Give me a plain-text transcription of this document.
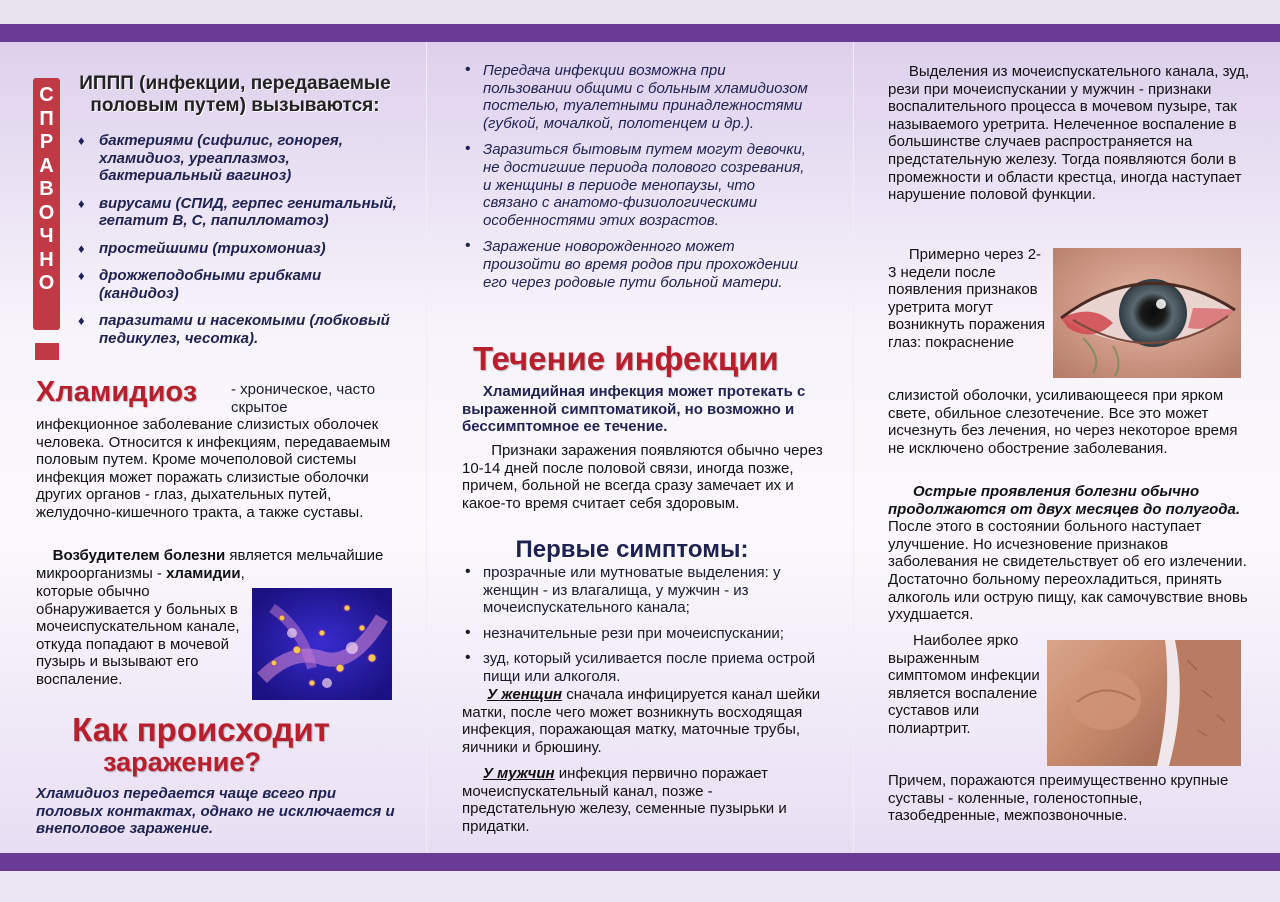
С
П
Р
А
В
О
Ч
Н
О
ИППП (инфекции, передаваемые половым путем) вызываются:
♦ бактериями (сифилис, гонорея, хламидиоз, уреаплазмоз, бактериальный вагиноз)
♦ вирусами (СПИД, герпес генитальный, гепатит В, С, папилломатоз)
♦ простейшими (трихомониаз)
♦ дрожжеподобными грибками (кандидоз)
♦ паразитами и насекомыми (лобковый педикулез, чесотка).
Хламидиоз - хроническое, часто скрытое
инфекционное заболевание слизистых оболочек человека. Относится к инфекциям, передаваемым половым путем. Кроме мочеполовой системы инфекция может поражать слизистые оболочки других органов - глаз, дыхательных путей, желудочно-кишечного тракта, а также суставы.
Возбудителем болезни является мельчайшие микроорганизмы - хламидии,
которые обычно обнаруживается у больных в мочеиспускательном канале, откуда попадают в мочевой пузырь и вызывают его воспаление.
Как происходит
заражение?
Хламидиоз передается чаще всего при половых контактах, однако не исключается и внеполовое заражение.
• Передача инфекции возможна при пользовании общими с больным хламидиозом постелью, туалетными принадлежностями (губкой, мочалкой, полотенцем и др.).
• Заразиться бытовым путем могут девочки, не достигшие периода полового созревания, и женщины в периоде менопаузы, что связано с анатомо-физиологическими особенностями этих возрастов.
• Заражение новорожденного может произойти во время родов при прохождении его через родовые пути больной матери.
Течение инфекции
Хламидийная инфекция может протекать с выраженной симптоматикой, но возможно и бессимптомное ее течение.
Признаки заражения появляются обычно через 10-14 дней после половой связи, иногда позже, причем, больной не всегда сразу замечает их и какое-то время считает себя здоровым.
Первые симптомы:
• прозрачные или мутноватые выделения: у женщин - из влагалища, у мужчин - из мочеиспускательного канала;
• незначительные рези при мочеиспускании;
• зуд, который усиливается после приема острой пищи или алкоголя.
У женщин сначала инфицируется канал шейки матки, после чего может возникнуть восходящая инфекция, поражающая матку, маточные трубы, яичники и брюшину.
У мужчин инфекция первично поражает мочеиспускательный канал, позже - предстательную железу, семенные пузырьки и придатки.
Выделения из мочеиспускательного канала, зуд, рези при мочеиспускании у мужчин - признаки воспалительного процесса в мочевом пузыре, так называемого уретрита. Нелеченное воспаление в большинстве случаев распространяется на предстательную железу. Тогда появляются боли в промежности и области крестца, иногда наступает нарушение половой функции.
Примерно через 2-3 недели после появления признаков уретрита могут возникнуть поражения глаз: покраснение
слизистой оболочки, усиливающееся при ярком свете, обильное слезотечение. Все это может исчезнуть без лечения, но через некоторое время не исключено обострение заболевания.
Острые проявления болезни обычно продолжаются от двух месяцев до полугода. После этого в состоянии больного наступает улучшение. Но исчезновение признаков заболевания не свидетельствует об его излечении. Достаточно больному переохладиться, принять алкоголь или острую пищу, как самочувствие вновь ухудшается.
Наиболее ярко выраженным симптомом инфекции является воспаление суставов или полиартрит.
Причем, поражаются преимущественно крупные суставы - коленные, голеностопные, тазобедренные, межпозвоночные.
